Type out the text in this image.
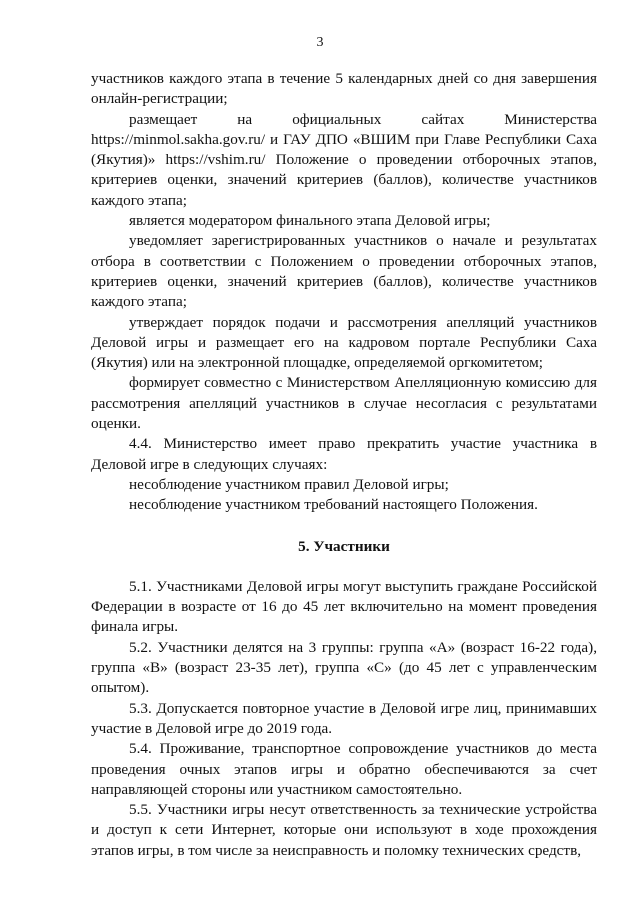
3

участников каждого этапа в течение 5 календарных дней со дня завершения онлайн-регистрации;

размещает на официальных сайтах Министерства https://minmol.sakha.gov.ru/ и ГАУ ДПО «ВШИМ при Главе Республики Саха (Якутия)» https://vshim.ru/ Положение о проведении отборочных этапов, критериев оценки, значений критериев (баллов), количестве участников каждого этапа;

является модератором финального этапа Деловой игры;

уведомляет зарегистрированных участников о начале и результатах отбора в соответствии с Положением о проведении отборочных этапов, критериев оценки, значений критериев (баллов), количестве участников каждого этапа;

утверждает порядок подачи и рассмотрения апелляций участников Деловой игры и размещает его на кадровом портале Республики Саха (Якутия) или на электронной площадке, определяемой оргкомитетом;

формирует совместно с Министерством Апелляционную комиссию для рассмотрения апелляций участников в случае несогласия с результатами оценки.

4.4. Министерство имеет право прекратить участие участника в Деловой игре в следующих случаях:

несоблюдение участником правил Деловой игры;

несоблюдение участником требований настоящего Положения.

5. Участники

5.1. Участниками Деловой игры могут выступить граждане Российской Федерации в возрасте от 16 до 45 лет включительно на момент проведения финала игры.

5.2. Участники делятся на 3 группы: группа «А» (возраст 16-22 года), группа «В» (возраст 23-35 лет), группа «С» (до 45 лет с управленческим опытом).

5.3. Допускается повторное участие в Деловой игре лиц, принимавших участие в Деловой игре до 2019 года.

5.4. Проживание, транспортное сопровождение участников до места проведения очных этапов игры и обратно обеспечиваются за счет направляющей стороны или участником самостоятельно.

5.5. Участники игры несут ответственность за технические устройства и доступ к сети Интернет, которые они используют в ходе прохождения этапов игры, в том числе за неисправность и поломку технических средств,
